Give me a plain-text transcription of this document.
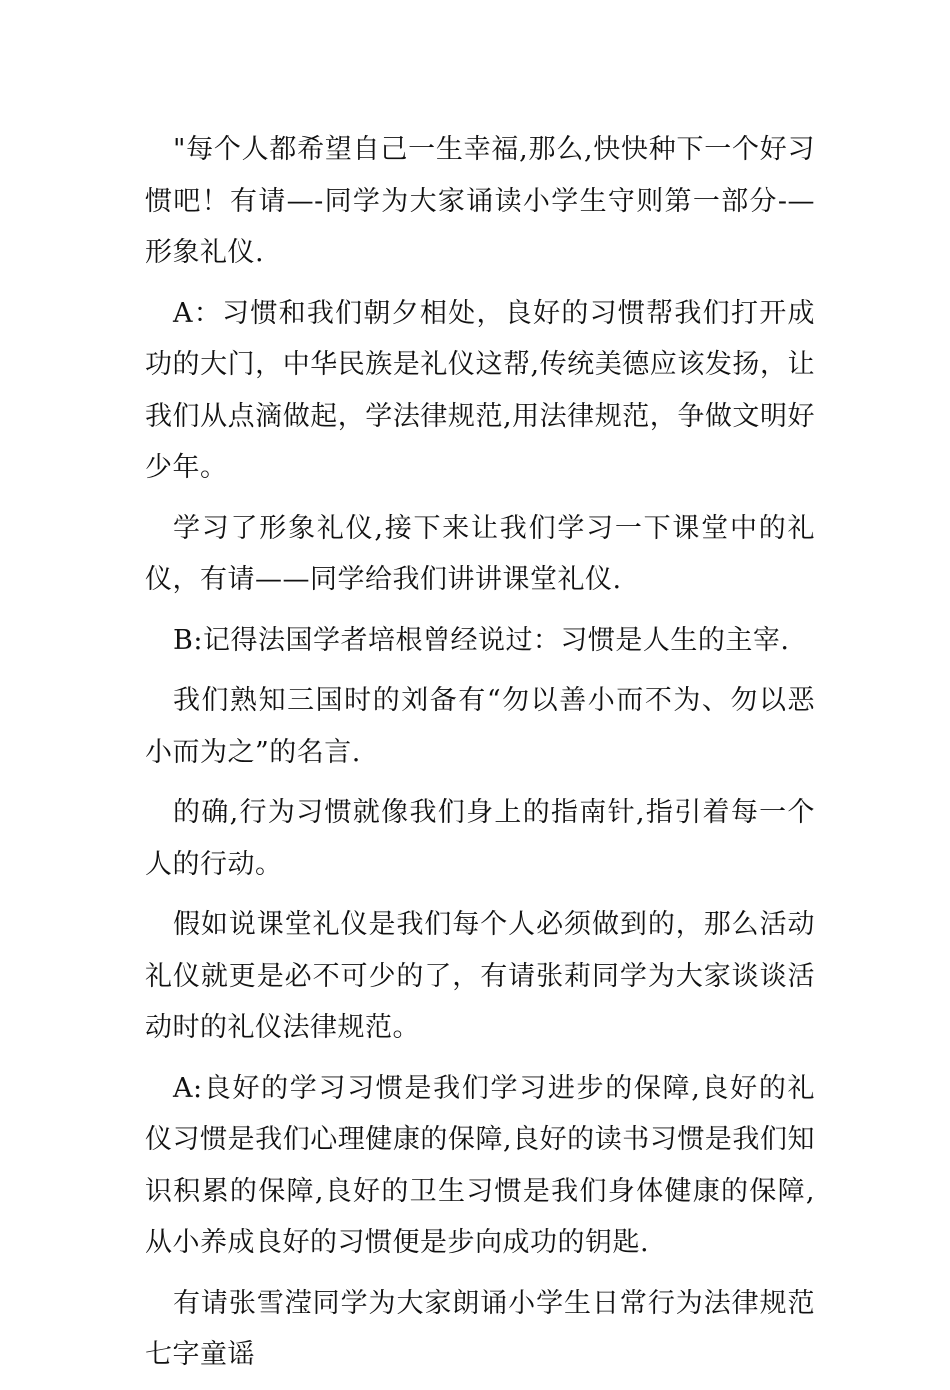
"每个人都希望自己一生幸福,那么,快快种下一个好习惯吧！有请—-同学为大家诵读小学生守则第一部分-—形象礼仪.

A：习惯和我们朝夕相处，良好的习惯帮我们打开成功的大门，中华民族是礼仪这帮,传统美德应该发扬，让我们从点滴做起，学法律规范,用法律规范，争做文明好少年。

学习了形象礼仪,接下来让我们学习一下课堂中的礼仪，有请——同学给我们讲讲课堂礼仪.

B:记得法国学者培根曾经说过：习惯是人生的主宰.

我们熟知三国时的刘备有“勿以善小而不为、勿以恶小而为之”的名言.

的确,行为习惯就像我们身上的指南针,指引着每一个人的行动。

假如说课堂礼仪是我们每个人必须做到的，那么活动礼仪就更是必不可少的了，有请张莉同学为大家谈谈活动时的礼仪法律规范。

A:良好的学习习惯是我们学习进步的保障,良好的礼仪习惯是我们心理健康的保障,良好的读书习惯是我们知识积累的保障,良好的卫生习惯是我们身体健康的保障,从小养成良好的习惯便是步向成功的钥匙.

有请张雪滢同学为大家朗诵小学生日常行为法律规范七字童谣
